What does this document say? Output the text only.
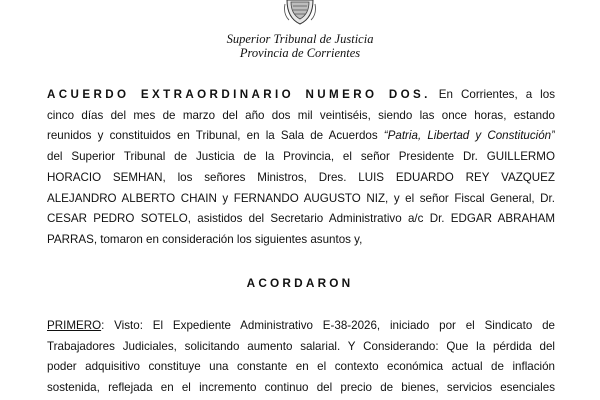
Superior Tribunal de Justicia
Provincia de Corrientes
ACUERDO EXTRAORDINARIO NUMERO DOS. En Corrientes, a los
cinco días del mes de marzo del año dos mil veintiséis, siendo las once horas, estando
reunidos y constituidos en Tribunal, en la Sala de Acuerdos “Patria, Libertad y Constitución”
del Superior Tribunal de Justicia de la Provincia, el señor Presidente Dr. GUILLERMO
HORACIO SEMHAN, los señores Ministros, Dres. LUIS EDUARDO REY VAZQUEZ
ALEJANDRO ALBERTO CHAIN y FERNANDO AUGUSTO NIZ, y el señor Fiscal General, Dr.
CESAR PEDRO SOTELO, asistidos del Secretario Administrativo a/c Dr. EDGAR ABRAHAM
PARRAS, tomaron en consideración los siguientes asuntos y,
ACORDARON
PRIMERO: Visto: El Expediente Administrativo E-38-2026, iniciado por el Sindicato de
Trabajadores Judiciales, solicitando aumento salarial. Y Considerando: Que la pérdida del
poder adquisitivo constituye una constante en el contexto económica actual de inflación
sostenida, reflejada en el incremento continuo del precio de bienes, servicios esenciales
